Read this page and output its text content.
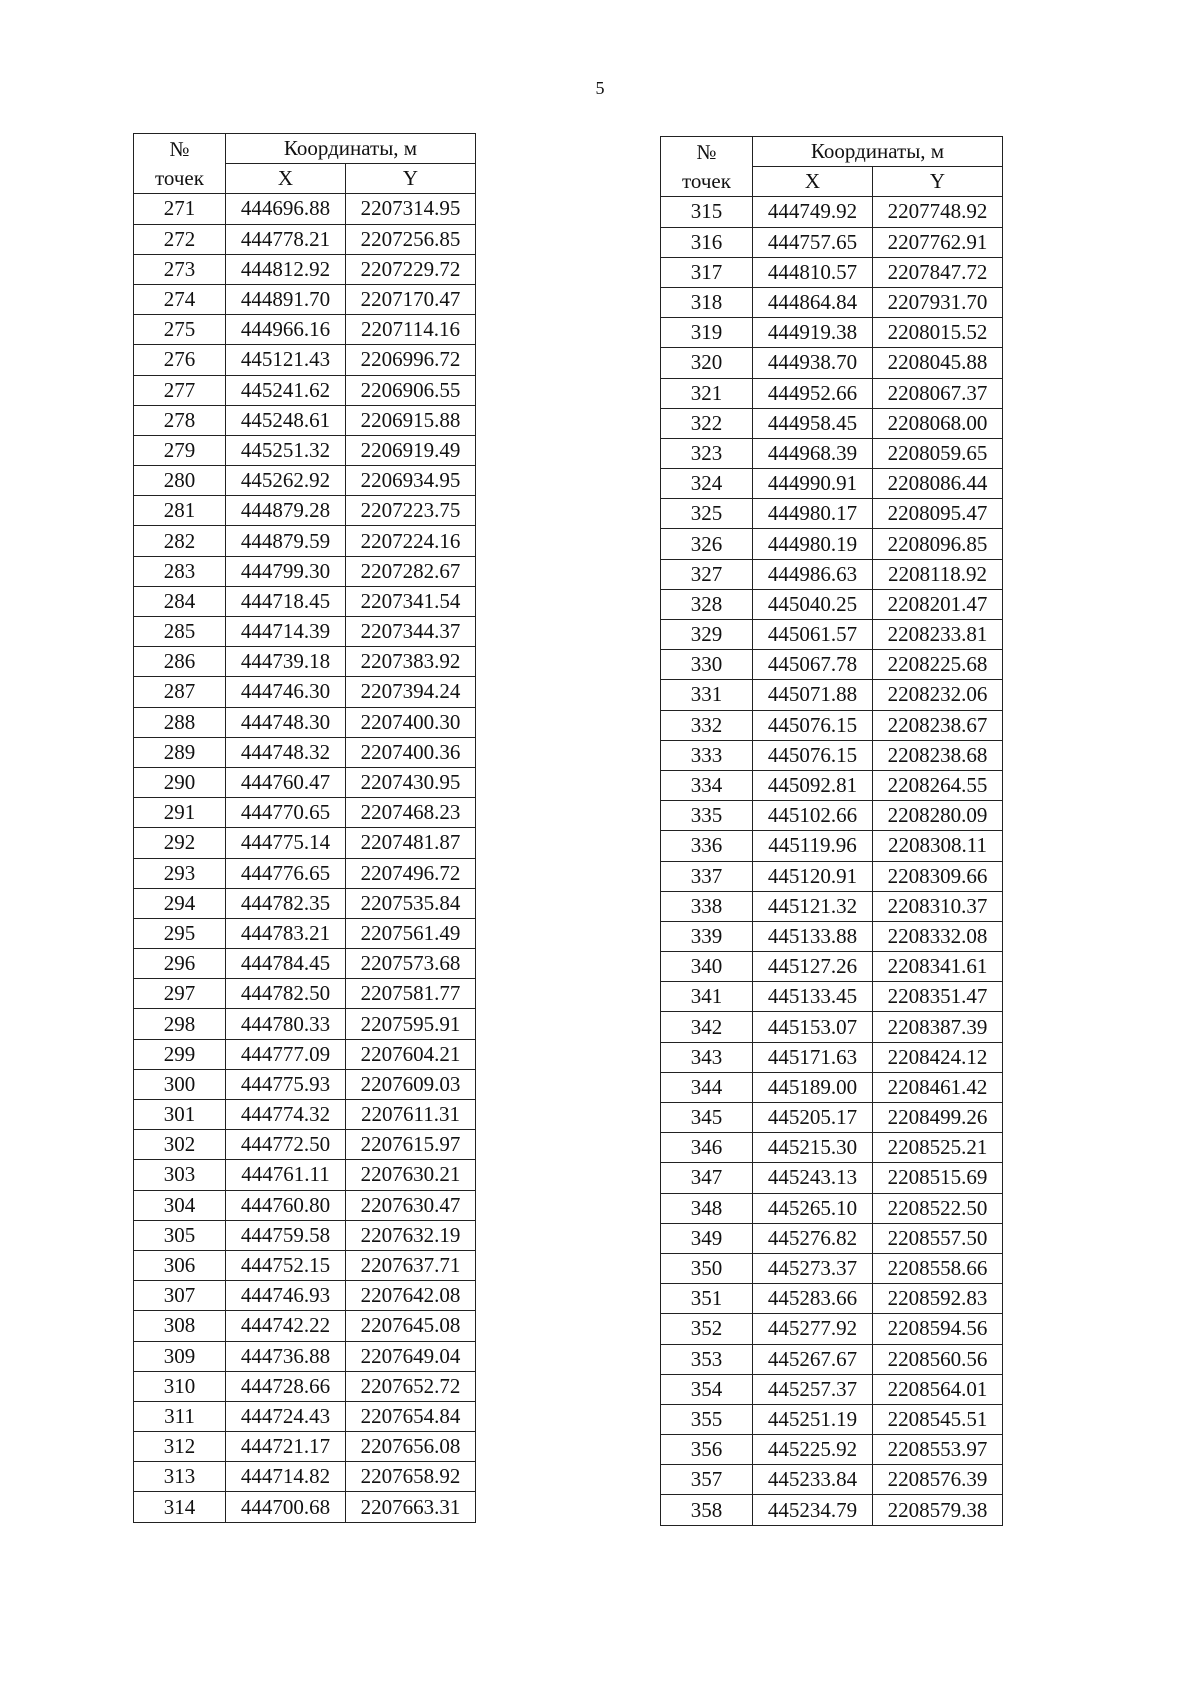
5
№
точек	Координаты, м	
	X	Y
271	444696.88	2207314.95
272	444778.21	2207256.85
273	444812.92	2207229.72
274	444891.70	2207170.47
275	444966.16	2207114.16
276	445121.43	2206996.72
277	445241.62	2206906.55
278	445248.61	2206915.88
279	445251.32	2206919.49
280	445262.92	2206934.95
281	444879.28	2207223.75
282	444879.59	2207224.16
283	444799.30	2207282.67
284	444718.45	2207341.54
285	444714.39	2207344.37
286	444739.18	2207383.92
287	444746.30	2207394.24
288	444748.30	2207400.30
289	444748.32	2207400.36
290	444760.47	2207430.95
291	444770.65	2207468.23
292	444775.14	2207481.87
293	444776.65	2207496.72
294	444782.35	2207535.84
295	444783.21	2207561.49
296	444784.45	2207573.68
297	444782.50	2207581.77
298	444780.33	2207595.91
299	444777.09	2207604.21
300	444775.93	2207609.03
301	444774.32	2207611.31
302	444772.50	2207615.97
303	444761.11	2207630.21
304	444760.80	2207630.47
305	444759.58	2207632.19
306	444752.15	2207637.71
307	444746.93	2207642.08
308	444742.22	2207645.08
309	444736.88	2207649.04
310	444728.66	2207652.72
311	444724.43	2207654.84
312	444721.17	2207656.08
313	444714.82	2207658.92
314	444700.68	2207663.31
№
точек	Координаты, м	
	X	Y
315	444749.92	2207748.92
316	444757.65	2207762.91
317	444810.57	2207847.72
318	444864.84	2207931.70
319	444919.38	2208015.52
320	444938.70	2208045.88
321	444952.66	2208067.37
322	444958.45	2208068.00
323	444968.39	2208059.65
324	444990.91	2208086.44
325	444980.17	2208095.47
326	444980.19	2208096.85
327	444986.63	2208118.92
328	445040.25	2208201.47
329	445061.57	2208233.81
330	445067.78	2208225.68
331	445071.88	2208232.06
332	445076.15	2208238.67
333	445076.15	2208238.68
334	445092.81	2208264.55
335	445102.66	2208280.09
336	445119.96	2208308.11
337	445120.91	2208309.66
338	445121.32	2208310.37
339	445133.88	2208332.08
340	445127.26	2208341.61
341	445133.45	2208351.47
342	445153.07	2208387.39
343	445171.63	2208424.12
344	445189.00	2208461.42
345	445205.17	2208499.26
346	445215.30	2208525.21
347	445243.13	2208515.69
348	445265.10	2208522.50
349	445276.82	2208557.50
350	445273.37	2208558.66
351	445283.66	2208592.83
352	445277.92	2208594.56
353	445267.67	2208560.56
354	445257.37	2208564.01
355	445251.19	2208545.51
356	445225.92	2208553.97
357	445233.84	2208576.39
358	445234.79	2208579.38
